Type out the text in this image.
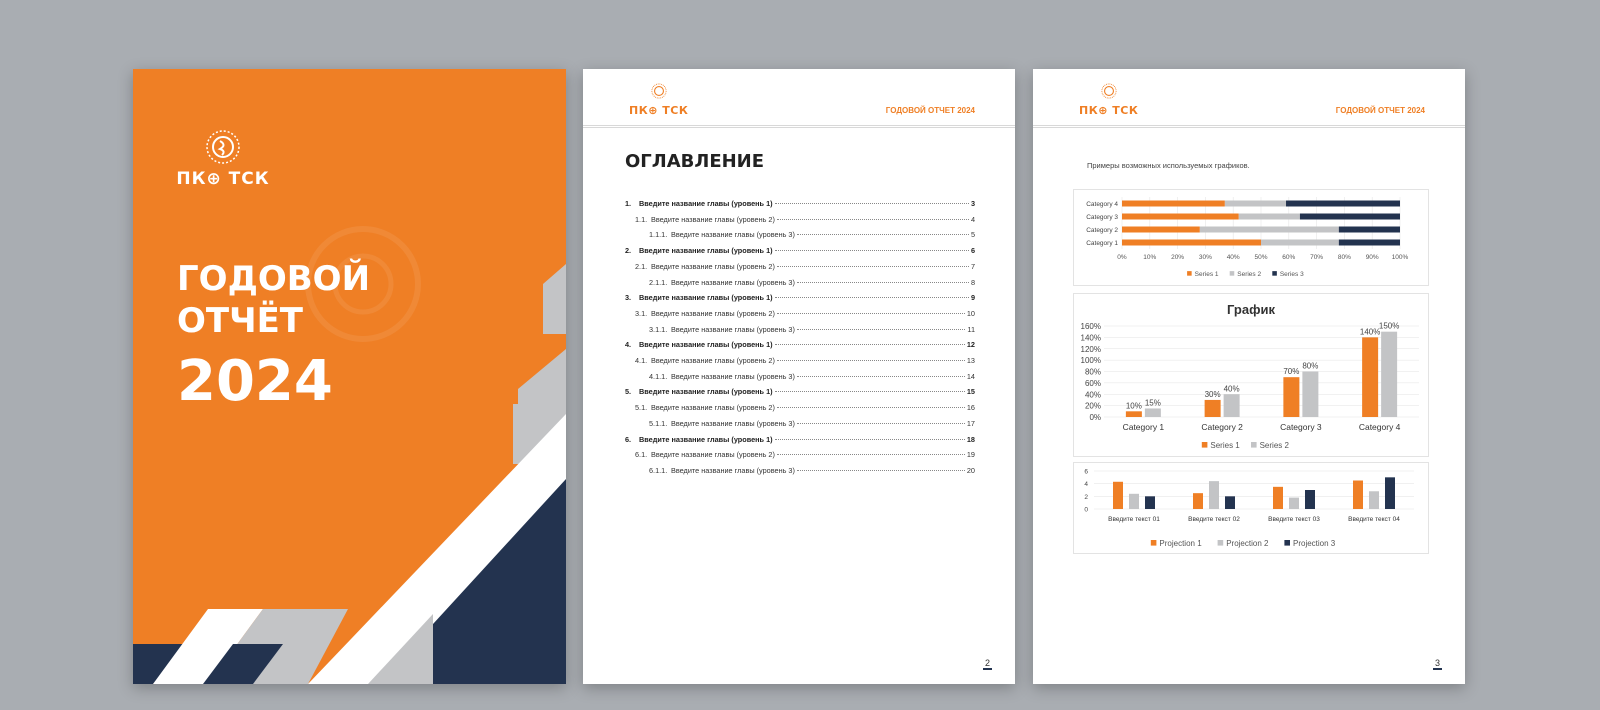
ПК⊕ ТСК
ГОДОВОЙ
ОТЧЁТ
2024
ПК⊕ ТСК	ГОДОВОЙ ОТЧЕТ 2024
ОГЛАВЛЕНИЕ
1.	Введите название главы (уровень 1)	3
1.1. Введите название главы (уровень 2)	4
1.1.1. Введите название главы (уровень 3)	5
2.	Введите название главы (уровень 1)	6
2.1. Введите название главы (уровень 2)	7
2.1.1. Введите название главы (уровень 3)	8
3.	Введите название главы (уровень 1)	9
3.1. Введите название главы (уровень 2)	10
3.1.1. Введите название главы (уровень 3)	11
4.	Введите название главы (уровень 1)	12
4.1. Введите название главы (уровень 2)	13
4.1.1. Введите название главы (уровень 3)	14
5.	Введите название главы (уровень 1)	15
5.1. Введите название главы (уровень 2)	16
5.1.1. Введите название главы (уровень 3)	17
6.	Введите название главы (уровень 1)	18
6.1. Введите название главы (уровень 2)	19
6.1.1. Введите название главы (уровень 3)	20
2
ПК⊕ ТСК	ГОДОВОЙ ОТЧЕТ 2024
Примеры возможных используемых графиков.
0%	10% 20% 30% 40% 50% 60% 70% 80% 90% 100%
Category 1
Category 2
Category 3
Category 4
Series 1	Series 2	Series 3
График
0%
20%
40%
60%
80%
100%
120%
140%
160%
10% 15%
Category 1
30%
40%
Category 2
70%
80%
Category 3
140%
150%
Category 4
Series 1 Series 2
0
2
4
6
Введите текст 01	Введите текст 02	Введите текст 03	Введите текст 04
Projection 1	Projection 2	Projection 3
3
